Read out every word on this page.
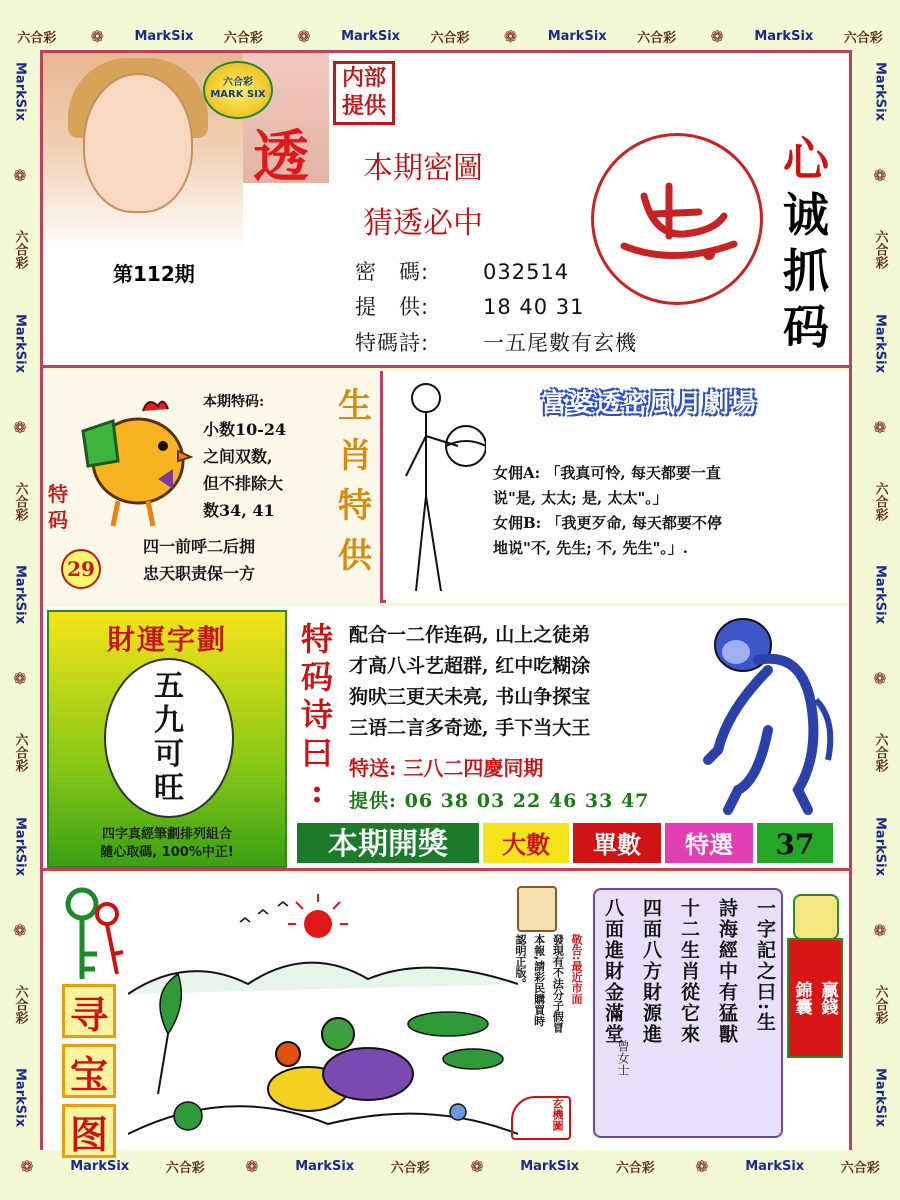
六合彩 ❁ MarkSix 六合彩 ❁ MarkSix 六合彩 ❁ MarkSix 六合彩 ❁ MarkSix 六合彩
❁	MarkSix	六合彩	❁	MarkSix	六合彩	❁	MarkSix	六合彩	❁	MarkSix	六合彩
MarkSix
❁
六合彩
MarkSix
❁
六合彩
MarkSix
❁
六合彩
MarkSix
❁
六合彩
MarkSix
MarkSix
❁
六合彩
MarkSix
❁
六合彩
MarkSix
❁
六合彩
MarkSix
❁
六合彩
MarkSix
透
六合彩
MARK SIX
内部
提供
第112期
本期密圖
猜透必中
密　碼:	032514
提　供:	18 40 31
特碼詩:	一五尾數有玄機
心
诚
抓
码
特
码
29
本期特码:
小数10-24
之间双数,
但不排除大
数34, 41
四一前呼二后拥
忠天职责保一方
生
肖
特
供
富婆透密風月劇場
女佣A: 「我真可怜, 每天都要一直
说"是, 太太; 是, 太太"。」
女佣B: 「我更歹命, 每天都要不停
地说"不, 先生; 不, 先生"。」.
財運字劃
五
九
可
旺
四字真經筆劃排列組合
隨心取碼, 100%中正!
特
码
诗
曰
:
配合一二作连码, 山上之徒弟
才高八斗艺超群, 红中吃糊涂
狗吠三更天未亮, 书山争探宝
三语二言多奇迹, 手下当大王
特送: 三八二四慶同期
提供: 06 38 03 22 46 33 47
本期開獎	大數	單數	特選	37
寻
宝
图
敬告:最近市面
發現有不法分子假冒
本報,請彩民購買時
認明正版。
玄機圖
一字記之曰:生
詩海經中有猛獸
十二生肖從它來
四面八方財源進
八面進財金滿堂
曾女士
贏錢
錦囊
